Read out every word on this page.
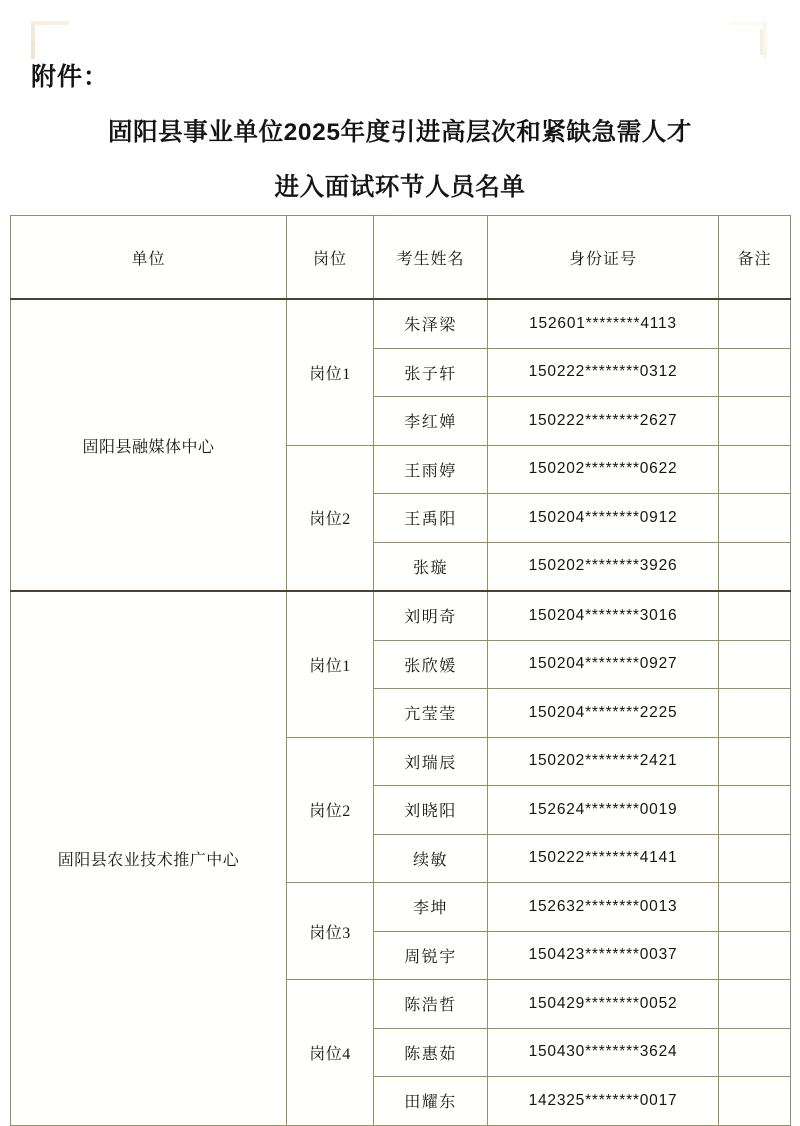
附件：
固阳县事业单位2025年度引进高层次和紧缺急需人才
进入面试环节人员名单
单位	岗位	考生姓名	身份证号	备注
固阳县融媒体中心	岗位1	朱泽梁	152601********4113	
		张子轩	150222********0312	
		李红婵	150222********2627	
	岗位2	王雨婷	150202********0622	
		王禹阳	150204********0912	
		张璇	150202********3926	
固阳县农业技术推广中心	岗位1	刘明奇	150204********3016	
		张欣媛	150204********0927	
		亢莹莹	150204********2225	
	岗位2	刘瑞辰	150202********2421	
		刘晓阳	152624********0019	
		续敏	150222********4141	
	岗位3	李坤	152632********0013	
		周锐宇	150423********0037	
	岗位4	陈浩哲	150429********0052	
		陈惠茹	150430********3624	
		田耀东	142325********0017	
